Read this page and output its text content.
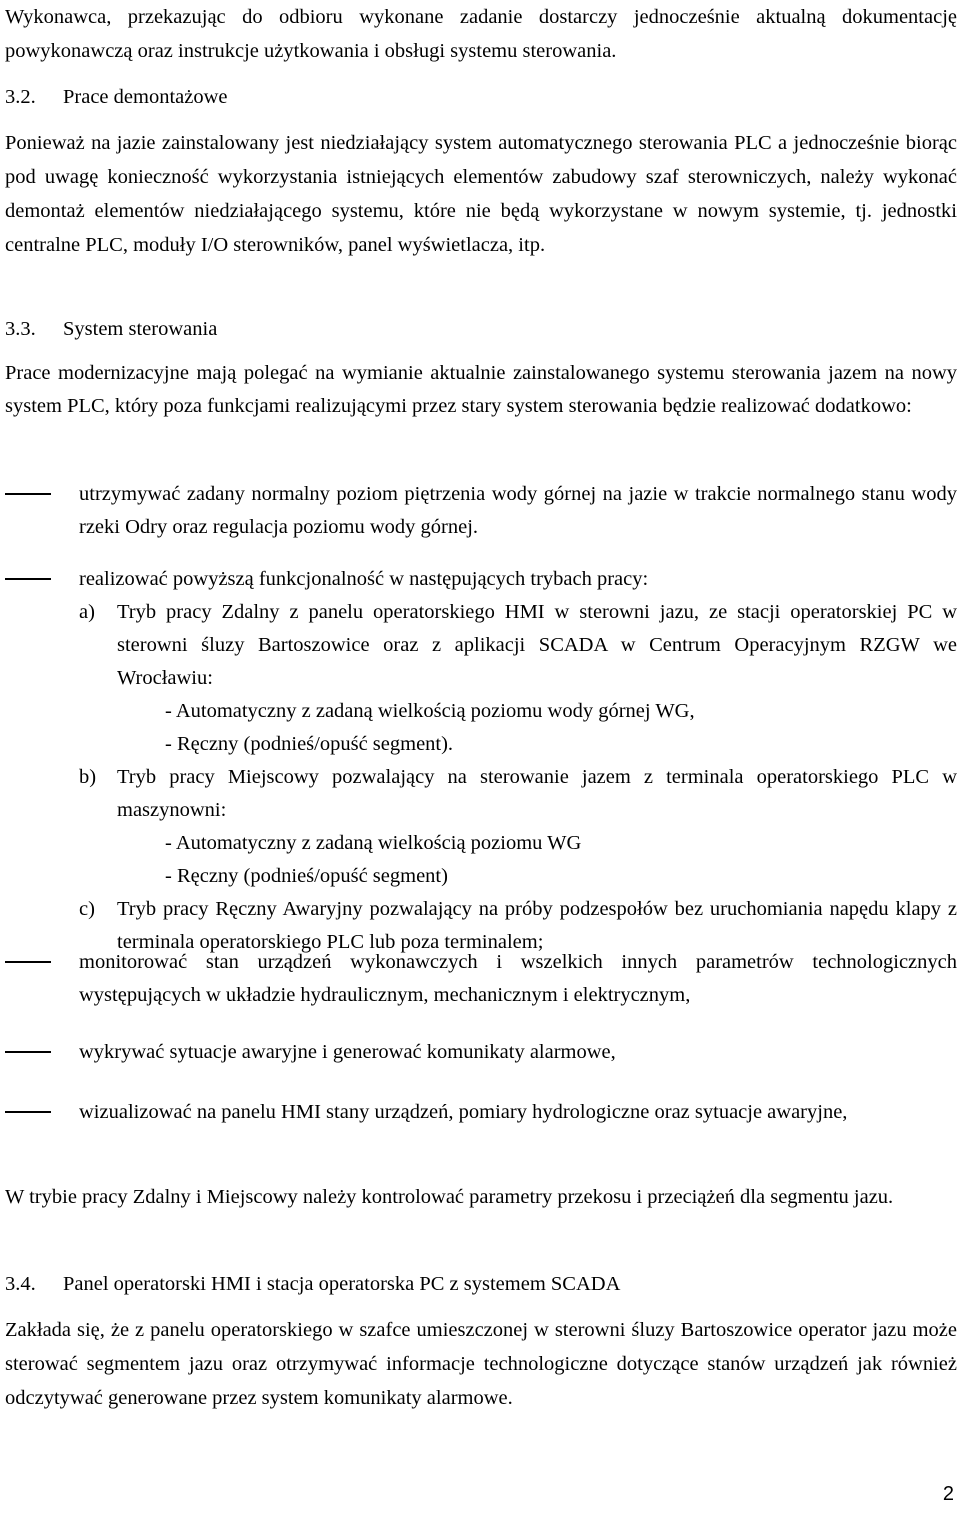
Wykonawca, przekazując do odbioru wykonane zadanie dostarczy jednocześnie aktualną dokumentację powykonawczą oraz instrukcje użytkowania i obsługi systemu sterowania.

3.2.	Prace demontażowe

Ponieważ na jazie zainstalowany jest niedziałający system automatycznego sterowania PLC a jednocześnie biorąc pod uwagę konieczność wykorzystania istniejących elementów zabudowy szaf sterowniczych, należy wykonać demontaż elementów niedziałającego systemu, które nie będą wykorzystane w nowym systemie, tj. jednostki centralne PLC, moduły I/O sterowników, panel wyświetlacza, itp.

3.3.	System sterowania

Prace modernizacyjne mają polegać na wymianie aktualnie zainstalowanego systemu sterowania jazem na nowy system PLC, który poza funkcjami realizującymi przez stary system sterowania będzie realizować dodatkowo:

utrzymywać zadany normalny poziom piętrzenia wody górnej na jazie w trakcie normalnego stanu wody rzeki Odry oraz regulacja poziomu wody górnej.

realizować powyższą funkcjonalność w następujących trybach pracy:

a)	Tryb pracy Zdalny z panelu operatorskiego HMI w sterowni jazu, ze stacji operatorskiej PC w sterowni śluzy Bartoszowice oraz z aplikacji SCADA w Centrum Operacyjnym RZGW we Wrocławiu:

- Automatyczny z zadaną wielkością poziomu wody górnej WG,

- Ręczny (podnieś/opuść segment).

b)	Tryb pracy Miejscowy pozwalający na sterowanie jazem z terminala operatorskiego PLC w maszynowni:

- Automatyczny z zadaną wielkością poziomu WG

- Ręczny (podnieś/opuść segment)

c)	Tryb pracy Ręczny Awaryjny pozwalający na próby podzespołów bez uruchomiania napędu klapy z terminala operatorskiego PLC lub poza terminalem;

monitorować stan urządzeń wykonawczych i wszelkich innych parametrów technologicznych występujących w układzie hydraulicznym, mechanicznym i elektrycznym,

wykrywać sytuacje awaryjne i generować komunikaty alarmowe,

wizualizować na panelu HMI stany urządzeń, pomiary hydrologiczne oraz sytuacje awaryjne,

W trybie pracy Zdalny i Miejscowy należy kontrolować parametry przekosu i przeciążeń dla segmentu jazu.

3.4.	Panel operatorski HMI i stacja operatorska PC z systemem SCADA

Zakłada się, że z panelu operatorskiego w szafce umieszczonej w sterowni śluzy Bartoszowice operator jazu może sterować segmentem jazu oraz otrzymywać informacje technologiczne dotyczące stanów urządzeń jak również odczytywać generowane przez system komunikaty alarmowe.

2
